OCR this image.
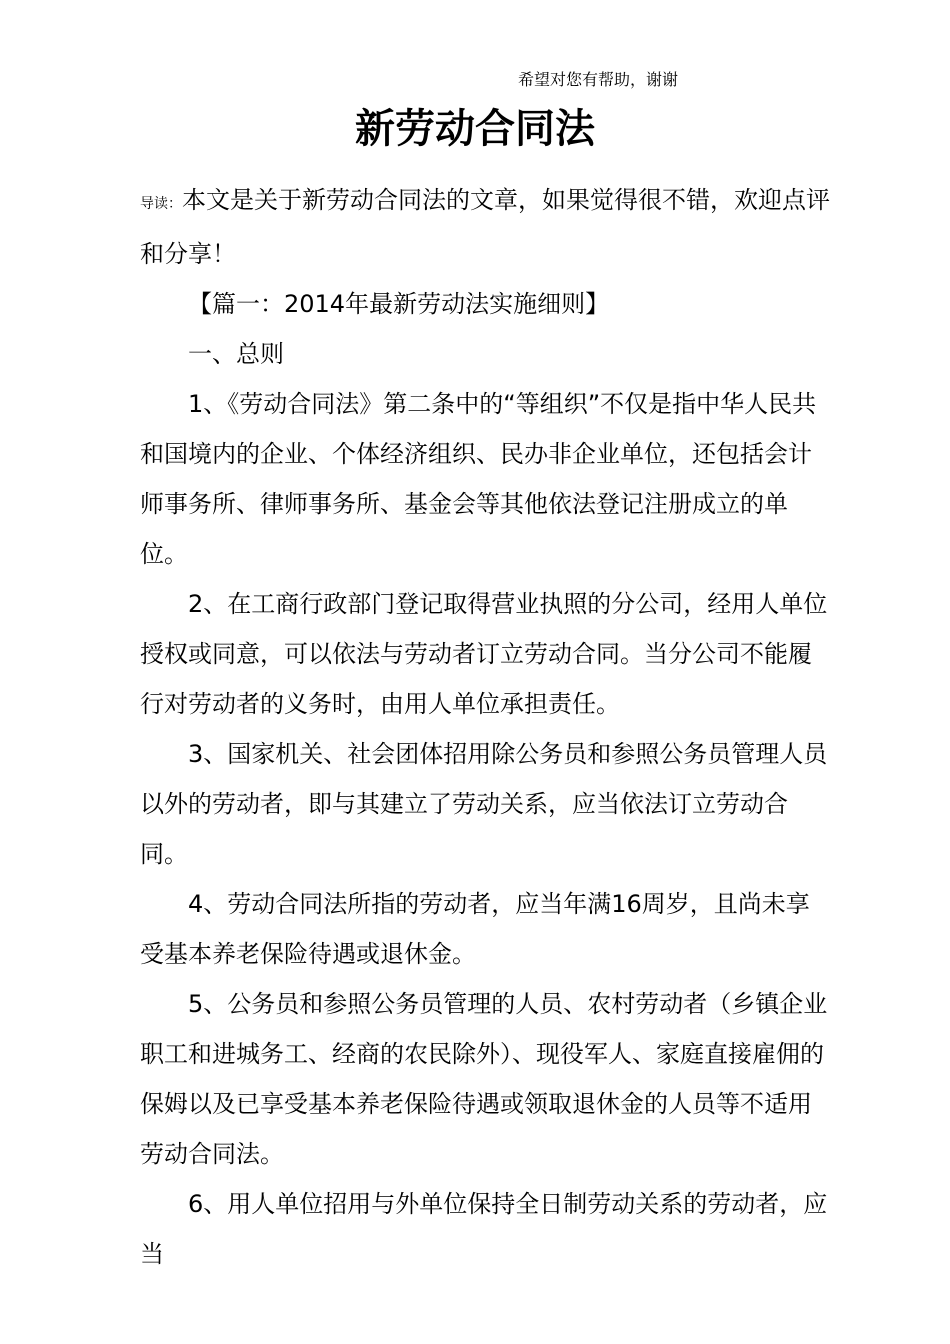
希望对您有帮助，谢谢
新劳动合同法

导读：本文是关于新劳动合同法的文章，如果觉得很不错，欢迎点评和分享！

【篇一：2014年最新劳动法实施细则】

一、总则

1、《劳动合同法》第二条中的“等组织”不仅是指中华人民共和国境内的企业、个体经济组织、民办非企业单位，还包括会计师事务所、律师事务所、基金会等其他依法登记注册成立的单位。

2、在工商行政部门登记取得营业执照的分公司，经用人单位授权或同意，可以依法与劳动者订立劳动合同。当分公司不能履行对劳动者的义务时，由用人单位承担责任。

3、国家机关、社会团体招用除公务员和参照公务员管理人员以外的劳动者，即与其建立了劳动关系，应当依法订立劳动合同。

4、劳动合同法所指的劳动者，应当年满16周岁，且尚未享受基本养老保险待遇或退休金。

5、公务员和参照公务员管理的人员、农村劳动者（乡镇企业职工和进城务工、经商的农民除外）、现役军人、家庭直接雇佣的保姆以及已享受基本养老保险待遇或领取退休金的人员等不适用劳动合同法。

6、用人单位招用与外单位保持全日制劳动关系的劳动者，应当
